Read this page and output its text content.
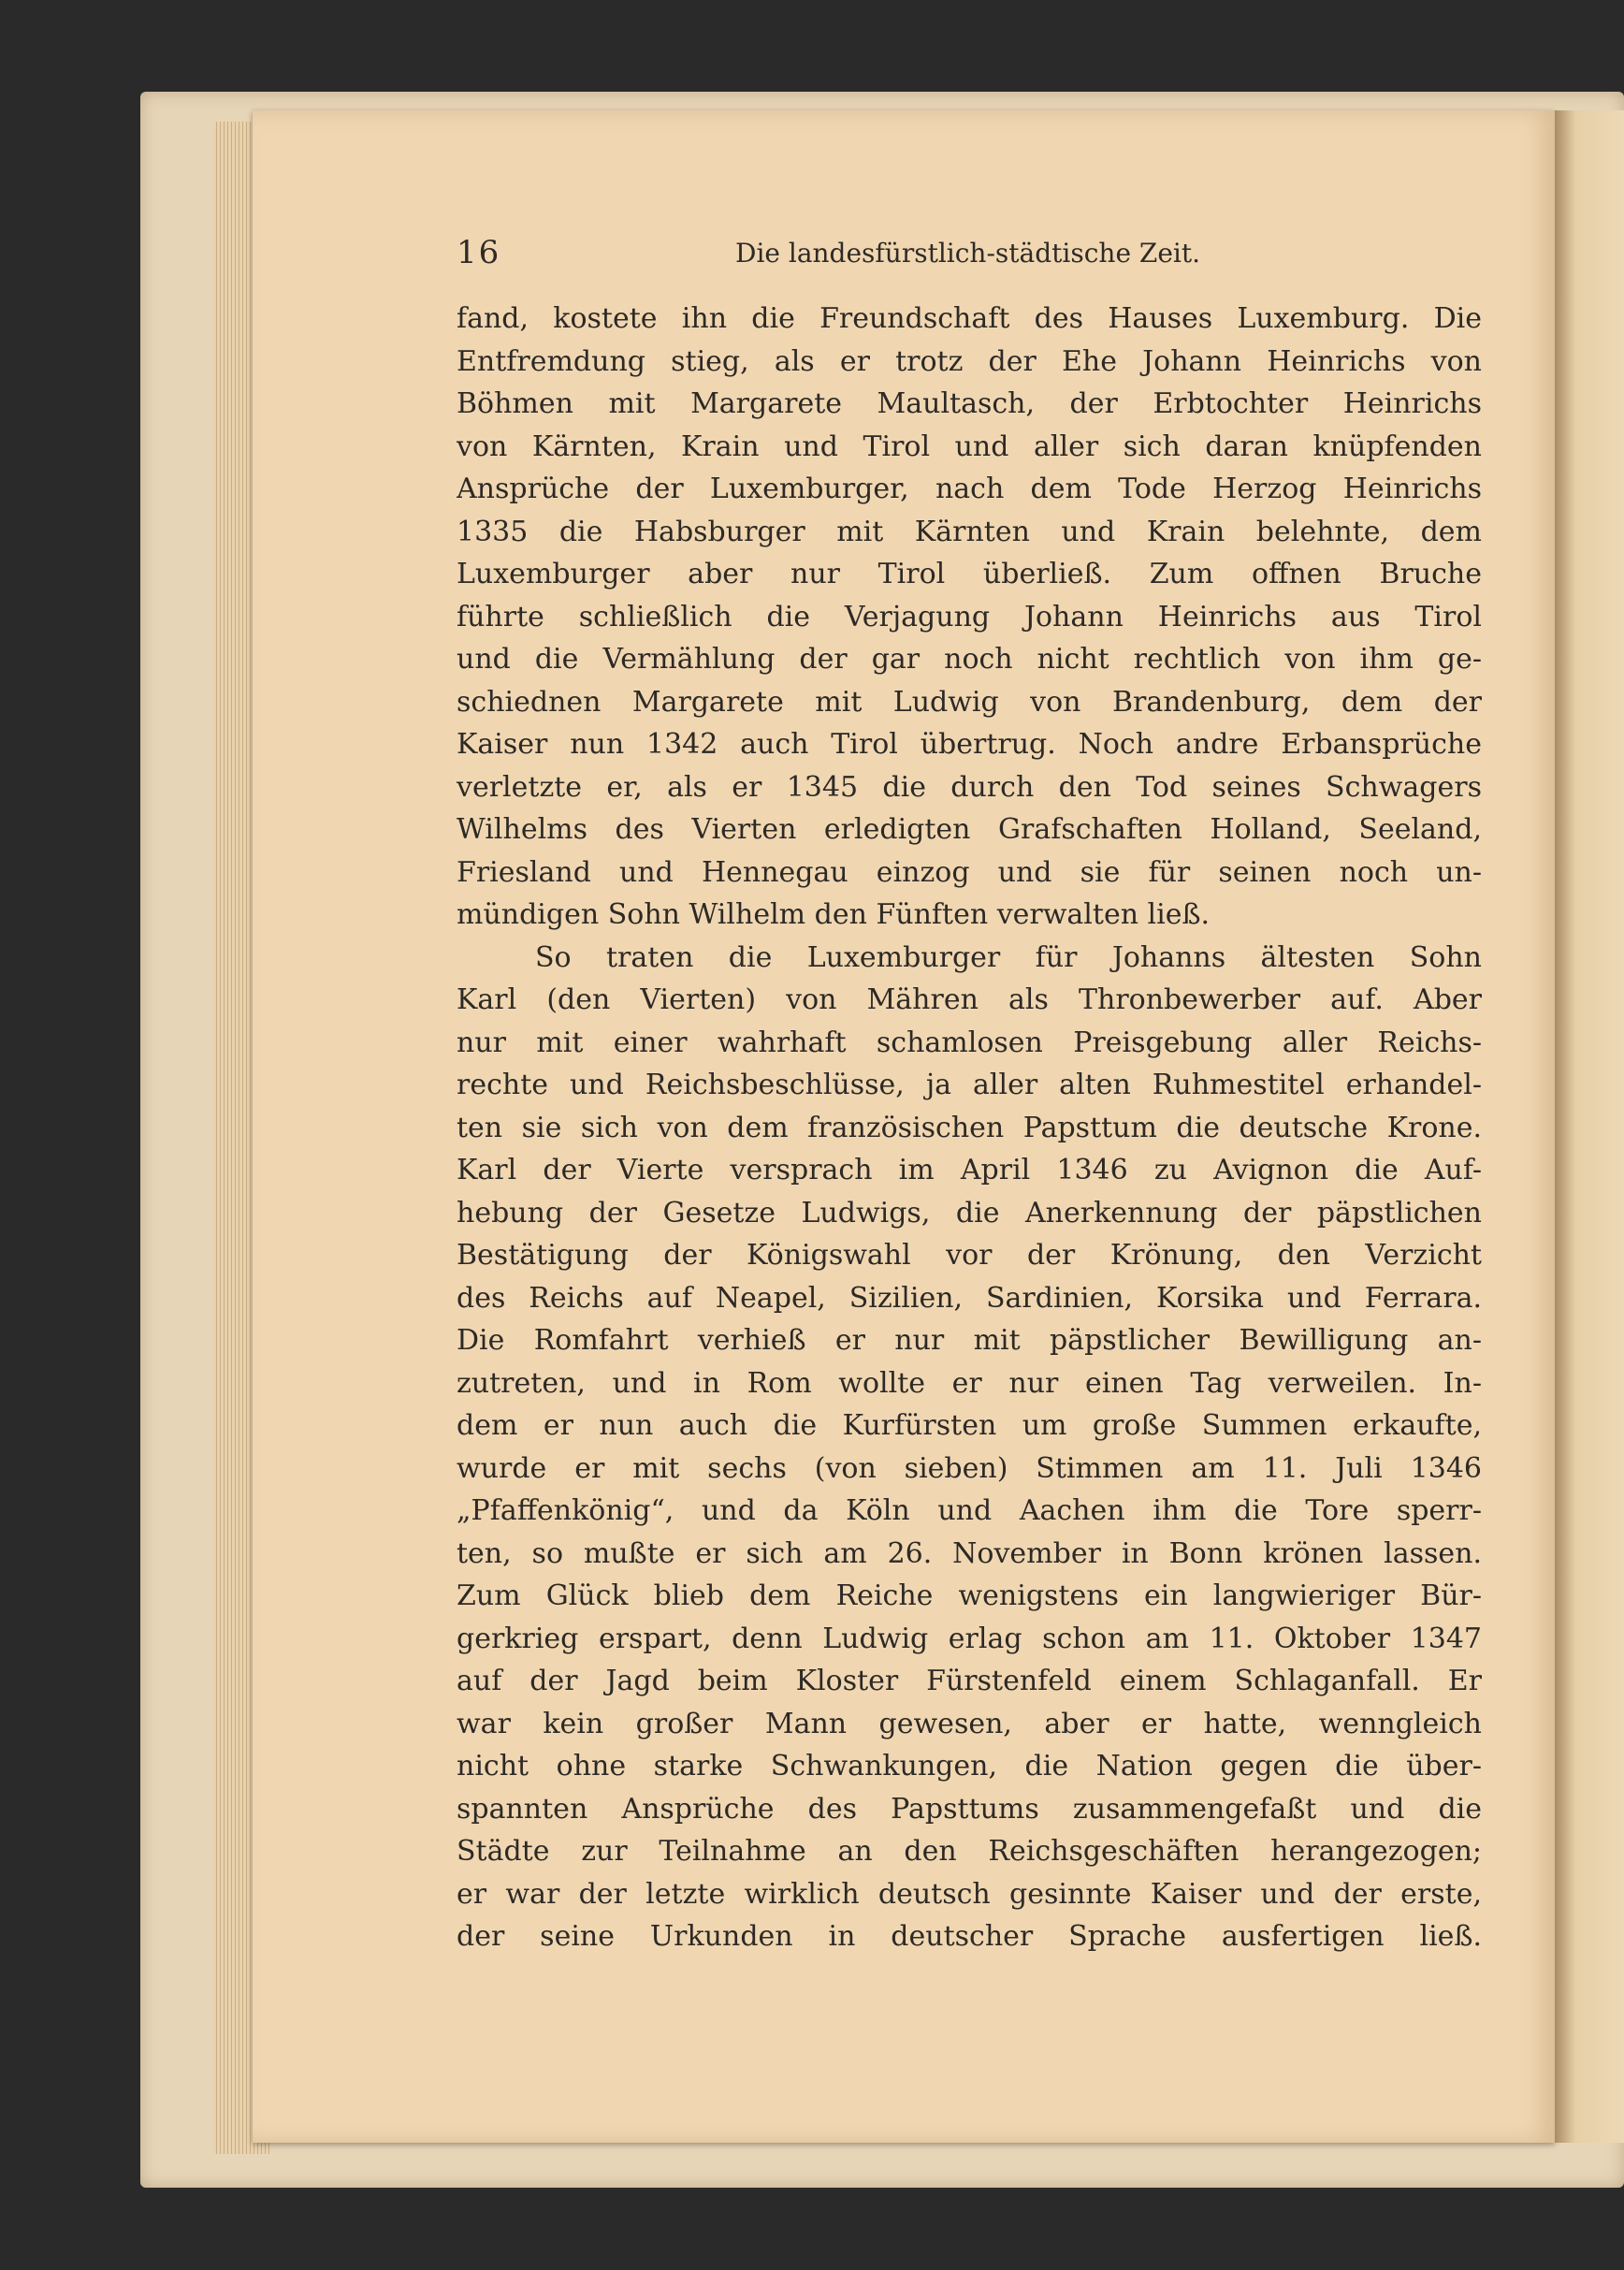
16	Die landesfürstlich-städtische Zeit.
fand, kostete ihn die Freundschaft des Hauses Luxemburg. Die
Entfremdung stieg, als er trotz der Ehe Johann Heinrichs von
Böhmen mit Margarete Maultasch, der Erbtochter Heinrichs
von Kärnten, Krain und Tirol und aller sich daran knüpfenden
Ansprüche der Luxemburger, nach dem Tode Herzog Heinrichs
1335 die Habsburger mit Kärnten und Krain belehnte, dem
Luxemburger aber nur Tirol überließ. Zum offnen Bruche
führte schließlich die Verjagung Johann Heinrichs aus Tirol
und die Vermählung der gar noch nicht rechtlich von ihm ge-
schiednen Margarete mit Ludwig von Brandenburg, dem der
Kaiser nun 1342 auch Tirol übertrug. Noch andre Erbansprüche
verletzte er, als er 1345 die durch den Tod seines Schwagers
Wilhelms des Vierten erledigten Grafschaften Holland, Seeland,
Friesland und Hennegau einzog und sie für seinen noch un-
mündigen Sohn Wilhelm den Fünften verwalten ließ.
So traten die Luxemburger für Johanns ältesten Sohn
Karl (den Vierten) von Mähren als Thronbewerber auf. Aber
nur mit einer wahrhaft schamlosen Preisgebung aller Reichs-
rechte und Reichsbeschlüsse, ja aller alten Ruhmestitel erhandel-
ten sie sich von dem französischen Papsttum die deutsche Krone.
Karl der Vierte versprach im April 1346 zu Avignon die Auf-
hebung der Gesetze Ludwigs, die Anerkennung der päpstlichen
Bestätigung der Königswahl vor der Krönung, den Verzicht
des Reichs auf Neapel, Sizilien, Sardinien, Korsika und Ferrara.
Die Romfahrt verhieß er nur mit päpstlicher Bewilligung an-
zutreten, und in Rom wollte er nur einen Tag verweilen. In-
dem er nun auch die Kurfürsten um große Summen erkaufte,
wurde er mit sechs (von sieben) Stimmen am 11. Juli 1346
„Pfaffenkönig“, und da Köln und Aachen ihm die Tore sperr-
ten, so mußte er sich am 26. November in Bonn krönen lassen.
Zum Glück blieb dem Reiche wenigstens ein langwieriger Bür-
gerkrieg erspart, denn Ludwig erlag schon am 11. Oktober 1347
auf der Jagd beim Kloster Fürstenfeld einem Schlaganfall. Er
war kein großer Mann gewesen, aber er hatte, wenngleich
nicht ohne starke Schwankungen, die Nation gegen die über-
spannten Ansprüche des Papsttums zusammengefaßt und die
Städte zur Teilnahme an den Reichsgeschäften herangezogen;
er war der letzte wirklich deutsch gesinnte Kaiser und der erste,
der seine Urkunden in deutscher Sprache ausfertigen ließ.
